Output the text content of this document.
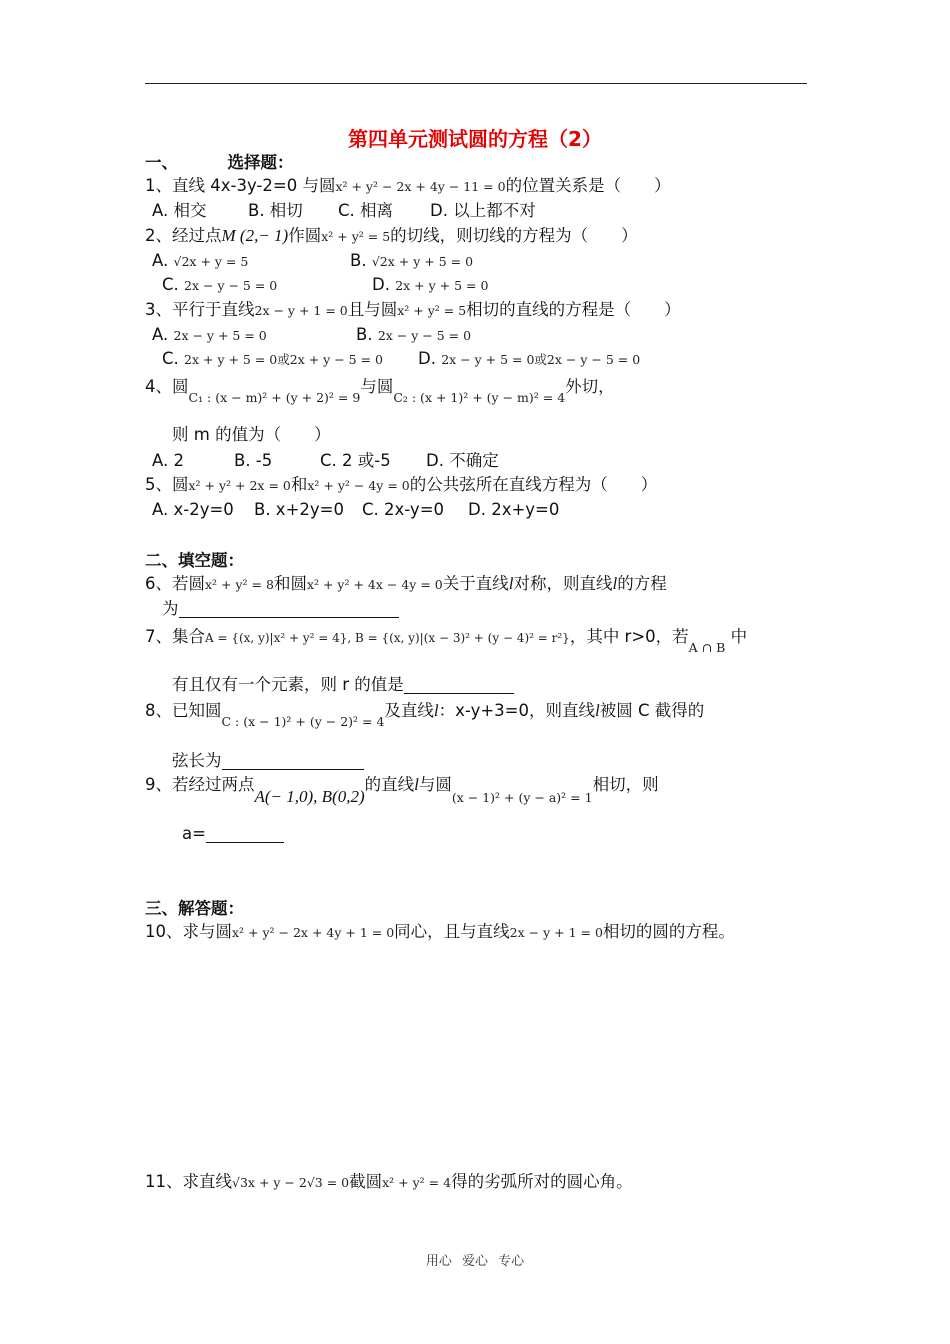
第四单元测试圆的方程（2）
一、	选择题：
1、直线 4x-3y-2=0 与圆x² + y² − 2x + 4y − 11 = 0的位置关系是（　　）
A. 相交	B. 相切 C. 相离 D. 以上都不对
2、经过点M (2,− 1)作圆x² + y² = 5的切线，则切线的方程为（　　）
A. √2x + y = 5	B. √2x + y + 5 = 0
C. 2x − y − 5 = 0	D. 2x + y + 5 = 0
3、平行于直线2x − y + 1 = 0且与圆x² + y² = 5相切的直线的方程是（　　）
A. 2x − y + 5 = 0	B. 2x − y − 5 = 0
C. 2x + y + 5 = 0或2x + y − 5 = 0 D. 2x − y + 5 = 0或2x − y − 5 = 0
4、圆$_{C_1 : (x - m)^2 + (y + 2)^2 = 9}$与圆$_{C_2 : (x + 1)^2 + (y - m)^2 = 4}$外切，
则 m 的值为（　　）
A. 2	B. -5	C. 2 或-5 D. 不确定
5、圆x² + y² + 2x = 0和x² + y² − 4y = 0的公共弦所在直线方程为（　　）
A. x-2y=0 B. x+2y=0 C. 2x-y=0 D. 2x+y=0
二、填空题：
6、若圆x² + y² = 8和圆x² + y² + 4x − 4y = 0关于直线l对称，则直线l的方程
为
7、集合A = {(x, y)|x² + y² = 4}, B = {(x, y)|(x − 3)² + (y − 4)² = r²}，其中 r>0，若$_{A \cap B}$ 中
有且仅有一个元素，则 r 的值是
8、已知圆$_{C : (x - 1)^2 + (y - 2)^2 = 4}$及直线l：x-y+3=0，则直线l被圆 C 截得的
弦长为
9、若经过两点A(− 1,0), B(0,2)的直线l与圆$_{(x - 1)^2 + (y - a)^2 = 1}$相切，则
a=
三、解答题：
10、求与圆x² + y² − 2x + 4y + 1 = 0同心，且与直线2x − y + 1 = 0相切的圆的方程。
11、求直线√3x + y − 2√3 = 0截圆x² + y² = 4得的劣弧所对的圆心角。
用心 爱心 专心
